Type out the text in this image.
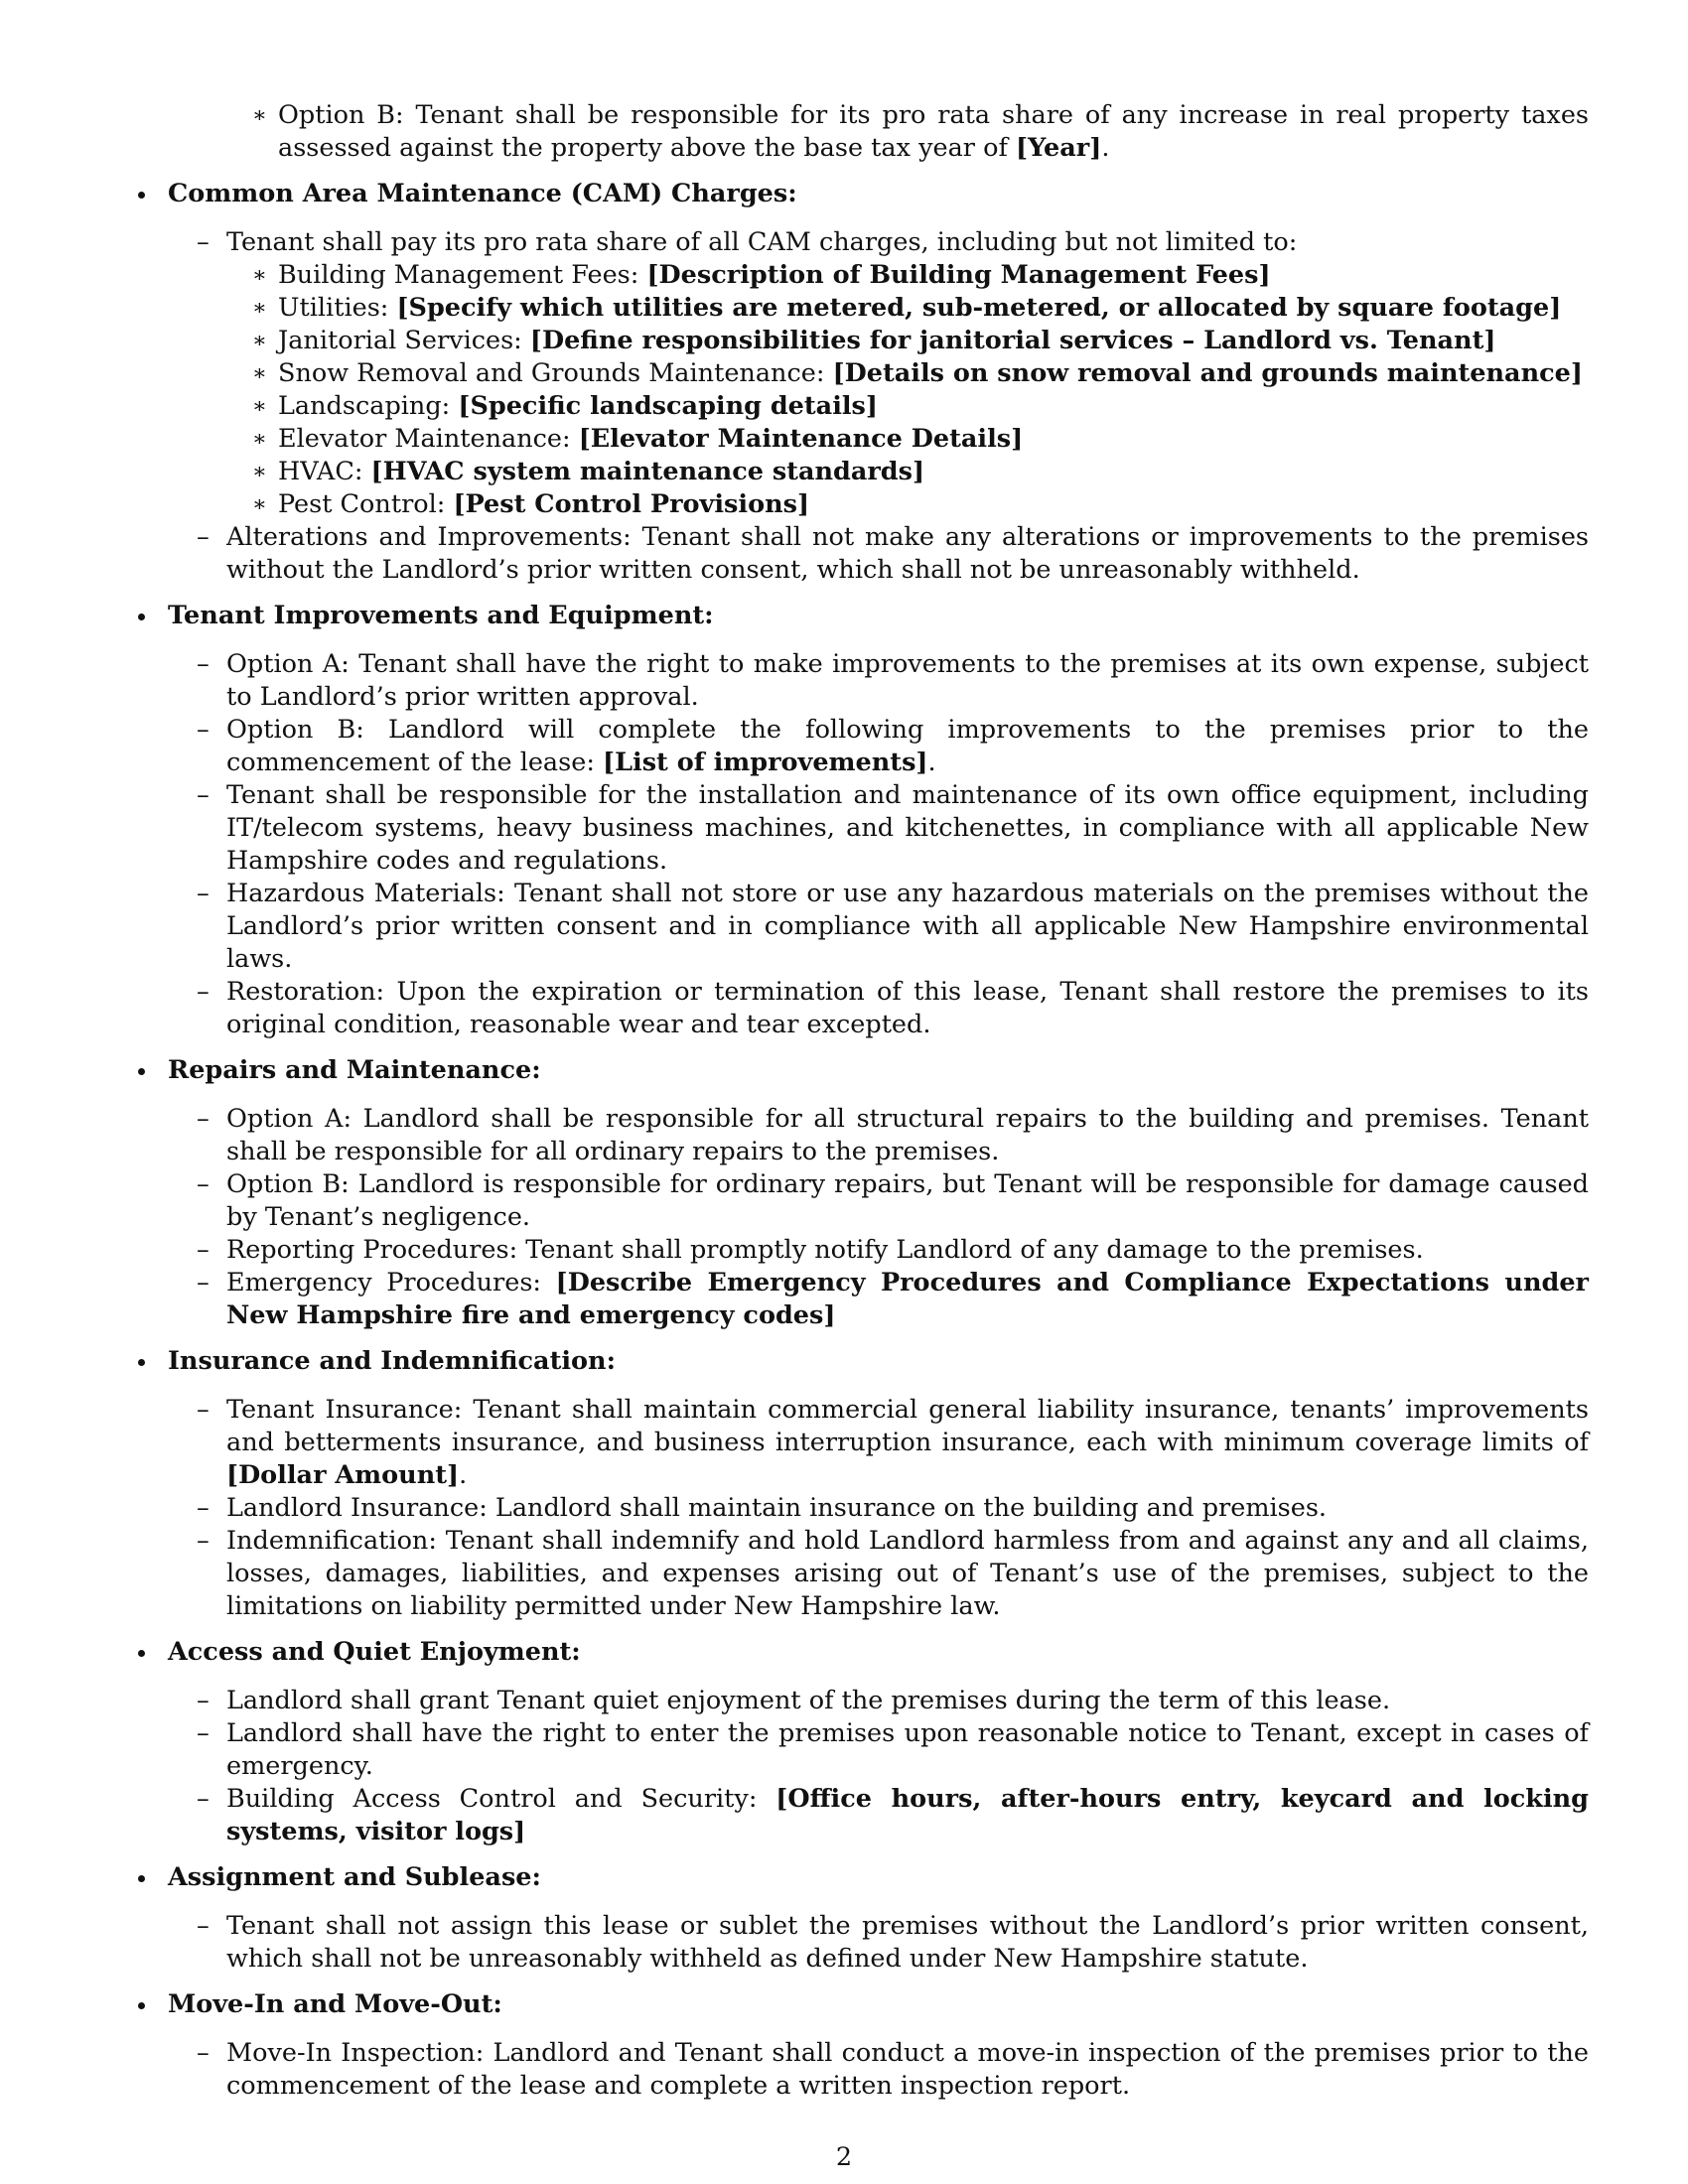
∗ Option B: Tenant shall be responsible for its pro rata share of any increase in real property taxes assessed against the property above the base tax year of [Year].
Common Area Maintenance (CAM) Charges:
– Tenant shall pay its pro rata share of all CAM charges, including but not limited to:
∗ Building Management Fees: [Description of Building Management Fees]
∗ Utilities: [Specify which utilities are metered, sub-metered, or allocated by square footage]
∗ Janitorial Services: [Define responsibilities for janitorial services – Landlord vs. Tenant]
∗ Snow Removal and Grounds Maintenance: [Details on snow removal and grounds maintenance]
∗ Landscaping: [Specific landscaping details]
∗ Elevator Maintenance: [Elevator Maintenance Details]
∗ HVAC: [HVAC system maintenance standards]
∗ Pest Control: [Pest Control Provisions]
– Alterations and Improvements: Tenant shall not make any alterations or improvements to the premises without the Landlord’s prior written consent, which shall not be unreasonably withheld.
Tenant Improvements and Equipment:
– Option A: Tenant shall have the right to make improvements to the premises at its own expense, subject to Landlord’s prior written approval.
– Option B: Landlord will complete the following improvements to the premises prior to the commencement of the lease: [List of improvements].
– Tenant shall be responsible for the installation and maintenance of its own office equipment, including IT/telecom systems, heavy business machines, and kitchenettes, in compliance with all applicable New Hampshire codes and regulations.
– Hazardous Materials: Tenant shall not store or use any hazardous materials on the premises without the Landlord’s prior written consent and in compliance with all applicable New Hampshire environmental laws.
– Restoration: Upon the expiration or termination of this lease, Tenant shall restore the premises to its original condition, reasonable wear and tear excepted.
Repairs and Maintenance:
– Option A: Landlord shall be responsible for all structural repairs to the building and premises. Tenant shall be responsible for all ordinary repairs to the premises.
– Option B: Landlord is responsible for ordinary repairs, but Tenant will be responsible for damage caused by Tenant’s negligence.
– Reporting Procedures: Tenant shall promptly notify Landlord of any damage to the premises.
– Emergency Procedures: [Describe Emergency Procedures and Compliance Expectations under New Hampshire fire and emergency codes]
Insurance and Indemnification:
– Tenant Insurance: Tenant shall maintain commercial general liability insurance, tenants’ improvements and betterments insurance, and business interruption insurance, each with minimum coverage limits of [Dollar Amount].
– Landlord Insurance: Landlord shall maintain insurance on the building and premises.
– Indemnification: Tenant shall indemnify and hold Landlord harmless from and against any and all claims, losses, damages, liabilities, and expenses arising out of Tenant’s use of the premises, subject to the limitations on liability permitted under New Hampshire law.
Access and Quiet Enjoyment:
– Landlord shall grant Tenant quiet enjoyment of the premises during the term of this lease.
– Landlord shall have the right to enter the premises upon reasonable notice to Tenant, except in cases of emergency.
– Building Access Control and Security: [Office hours, after-hours entry, keycard and locking systems, visitor logs]
Assignment and Sublease:
– Tenant shall not assign this lease or sublet the premises without the Landlord’s prior written consent, which shall not be unreasonably withheld as defined under New Hampshire statute.
Move-In and Move-Out:
– Move-In Inspection: Landlord and Tenant shall conduct a move-in inspection of the premises prior to the commencement of the lease and complete a written inspection report.
2
